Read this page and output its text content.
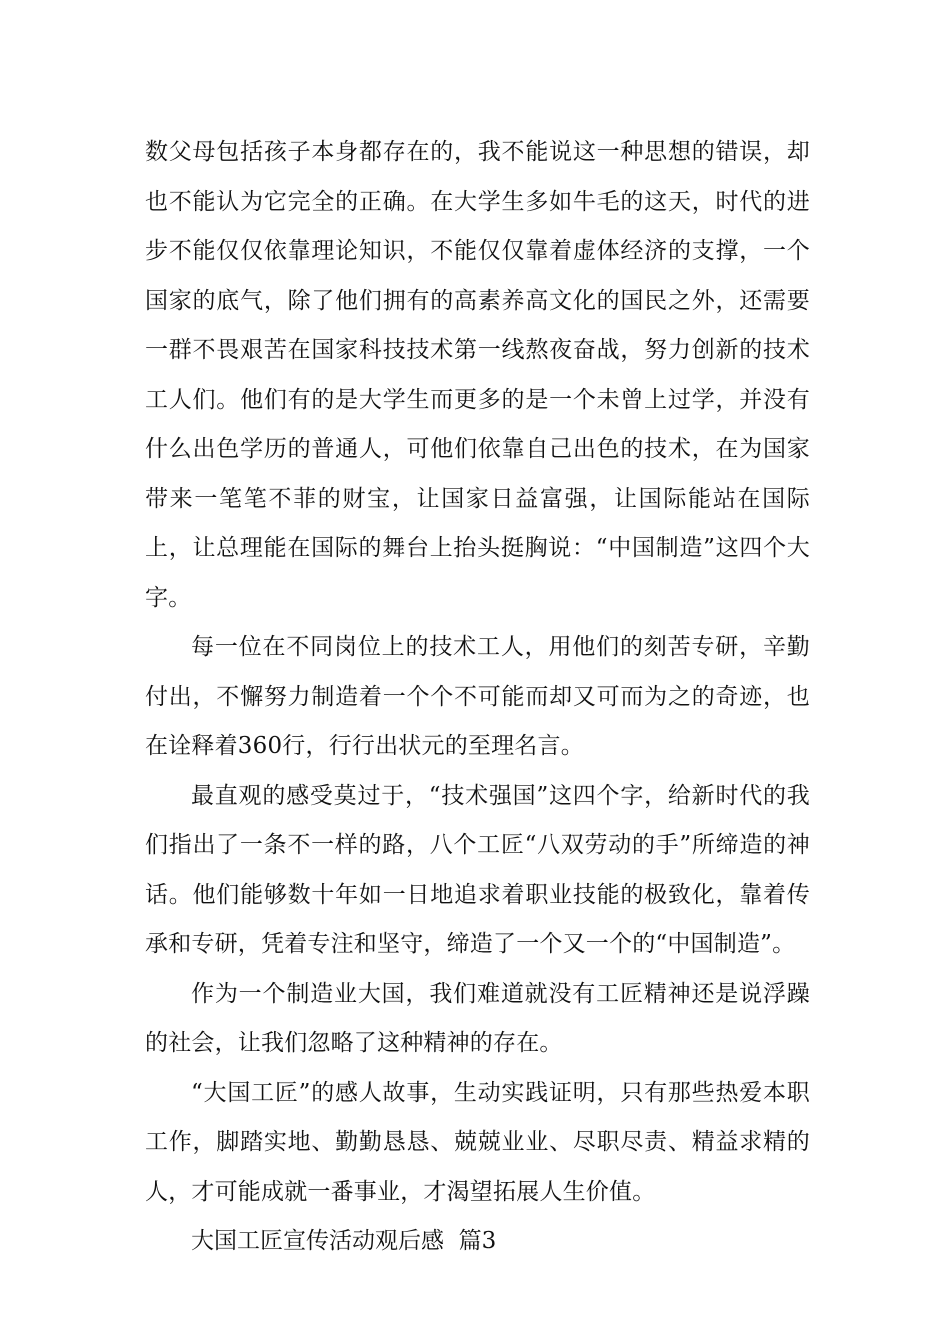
数父母包括孩子本身都存在的，我不能说这一种思想的错误，却也不能认为它完全的正确。在大学生多如牛毛的这天，时代的进步不能仅仅依靠理论知识，不能仅仅靠着虚体经济的支撑，一个国家的底气，除了他们拥有的高素养高文化的国民之外，还需要一群不畏艰苦在国家科技技术第一线熬夜奋战，努力创新的技术工人们。他们有的是大学生而更多的是一个未曾上过学，并没有什么出色学历的普通人，可他们依靠自己出色的技术，在为国家带来一笔笔不菲的财宝，让国家日益富强，让国际能站在国际上，让总理能在国际的舞台上抬头挺胸说：“中国制造”这四个大字。

每一位在不同岗位上的技术工人，用他们的刻苦专研，辛勤付出，不懈努力制造着一个个不可能而却又可而为之的奇迹，也在诠释着360行，行行出状元的至理名言。

最直观的感受莫过于，“技术强国”这四个字，给新时代的我们指出了一条不一样的路，八个工匠“八双劳动的手”所缔造的神话。他们能够数十年如一日地追求着职业技能的极致化，靠着传承和专研，凭着专注和坚守，缔造了一个又一个的“中国制造”。

作为一个制造业大国，我们难道就没有工匠精神还是说浮躁的社会，让我们忽略了这种精神的存在。

“大国工匠”的感人故事，生动实践证明，只有那些热爱本职工作，脚踏实地、勤勤恳恳、兢兢业业、尽职尽责、精益求精的人，才可能成就一番事业，才渴望拓展人生价值。

大国工匠宣传活动观后感  篇3
